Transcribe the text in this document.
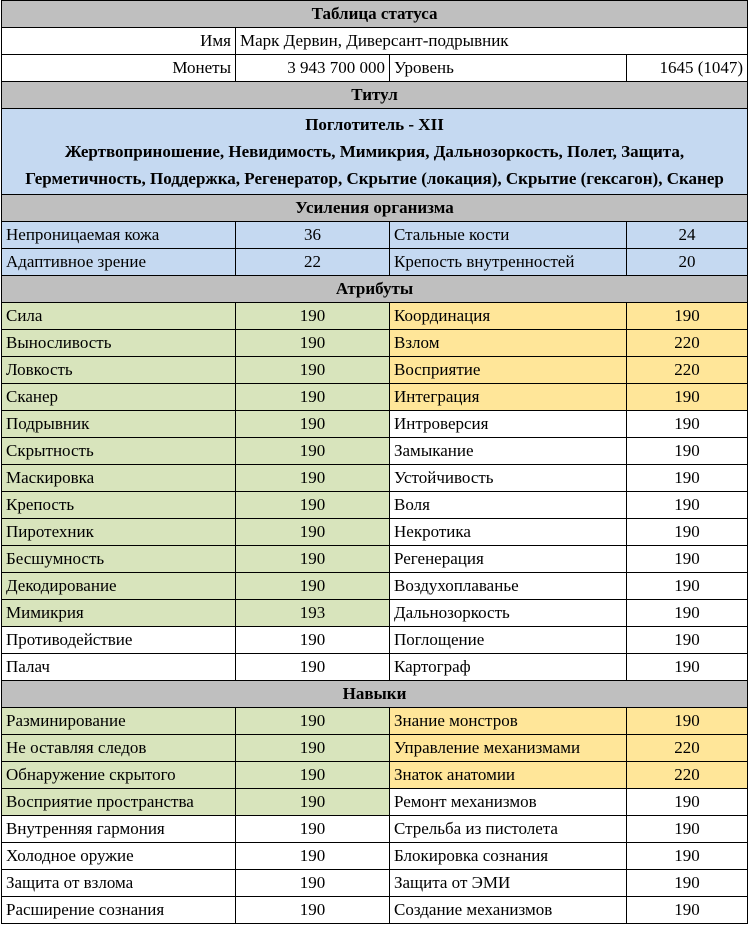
Таблица статуса			
Имя	Марк Дервин, Диверсант-подрывник		
Монеты	3 943 700 000	Уровень	1645 (1047)
Титул			

Поглотитель - XII
Жертвоприношение, Невидимость, Мимикрия, Дальнозоркость, Полет, Защита, Герметичность, Поддержка, Регенератор, Скрытие (локация), Скрытие (гексагон), Сканер			

Усиления организма			
Непроницаемая кожа	36	Стальные кости	24
Адаптивное зрение	22	Крепость внутренностей	20
Атрибуты			
Сила	190	Координация	190
Выносливость	190	Взлом	220
Ловкость	190	Восприятие	220
Сканер	190	Интеграция	190
Подрывник	190	Интроверсия	190
Скрытность	190	Замыкание	190
Маскировка	190	Устойчивость	190
Крепость	190	Воля	190
Пиротехник	190	Некротика	190
Бесшумность	190	Регенерация	190
Декодирование	190	Воздухоплаванье	190
Мимикрия	193	Дальнозоркость	190
Противодействие	190	Поглощение	190
Палач	190	Картограф	190
Навыки			
Разминирование	190	Знание монстров	190
Не оставляя следов	190	Управление механизмами	220
Обнаружение скрытого	190	Знаток анатомии	220
Восприятие пространства	190	Ремонт механизмов	190
Внутренняя гармония	190	Стрельба из пистолета	190
Холодное оружие	190	Блокировка сознания	190
Защита от взлома	190	Защита от ЭМИ	190
Расширение сознания	190	Создание механизмов	190
